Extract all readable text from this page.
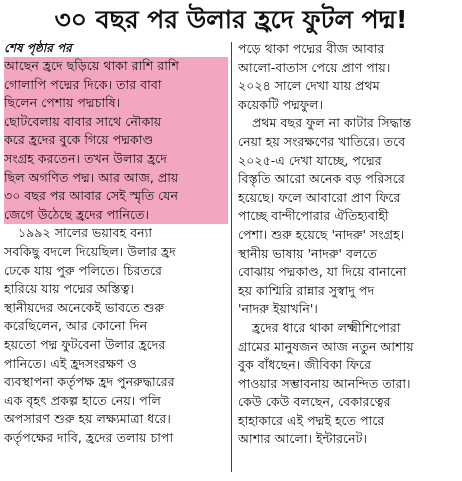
৩০ বছর পর উলার হ্রদে ফুটল পদ্ম!
শেষ পৃষ্ঠার পর
আছেন হ্রদে ছড়িয়ে থাকা রাশি রাশি
গোলাপি পদ্মের দিকে। তার বাবা
ছিলেন পেশায় পদ্মচাষি।
ছোটবেলায় বাবার সাথে নৌকায়
করে হ্রদের বুকে গিয়ে পদ্মকাণ্ড
সংগ্রহ করতেন। তখন উলার হ্রদে
ছিল অগণিত পদ্ম। আর আজ, প্রায়
৩০ বছর পর আবার সেই স্মৃতি যেন
জেগে উঠেছে হ্রদের পানিতে।
১৯৯২ সালের ভয়াবহ বন্যা
সবকিছু বদলে দিয়েছিল। উলার হ্রদ
ঢেকে যায় পুরু পলিতে। চিরতরে
হারিয়ে যায় পদ্মের অস্তিত্ব।
স্থানীয়দের অনেকেই ভাবতে শুরু
করেছিলেন, আর কোনো দিন
হয়তো পদ্ম ফুটবেনা উলার হ্রদের
পানিতে। এই হ্রদসংরক্ষণ ও
ব্যবস্থাপনা কর্তৃপক্ষ হ্রদ পুনরুদ্ধারের
এক বৃহৎ প্রকল্প হাতে নেয়। পলি
অপসারণ শুরু হয় লক্ষ্যমাত্রা ধরে।
কর্তৃপক্ষের দাবি, হ্রদের তলায় চাপা
পড়ে থাকা পদ্মের বীজ আবার
আলো-বাতাস পেয়ে প্রাণ পায়।
২০২৪ সালে দেখা যায় প্রথম
কয়েকটি পদ্মফুল।
প্রথম বছর ফুল না কাটার সিদ্ধান্ত
নেয়া হয় সংরক্ষণের খাতিরে। তবে
২০২৫-এ দেখা যাচ্ছে, পদ্মের
বিস্তৃতি আরো অনেক বড় পরিসরে
হয়েছে। ফলে আবারো প্রাণ ফিরে
পাচ্ছে বান্দীপোরার ঐতিহ্যবাহী
পেশা। শুরু হয়েছে 'নাদরু' সংগ্রহ।
স্থানীয় ভাষায় 'নাদরু' বলতে
বোঝায় পদ্মকাণ্ড, যা দিয়ে বানানো
হয় কাশ্মিরি রান্নার সুস্বাদু পদ
'নাদরু ইয়াখনি'।
হ্রদের ধারে থাকা লক্ষ্মীশিপোরা
গ্রামের মানুষজন আজ নতুন আশায়
বুক বাঁধছেন। জীবিকা ফিরে
পাওয়ার সম্ভাবনায় আনন্দিত তারা।
কেউ কেউ বলছেন, বেকারত্বের
হাহাকারে এই পদ্মই হতে পারে
আশার আলো। ইন্টারনেট।
